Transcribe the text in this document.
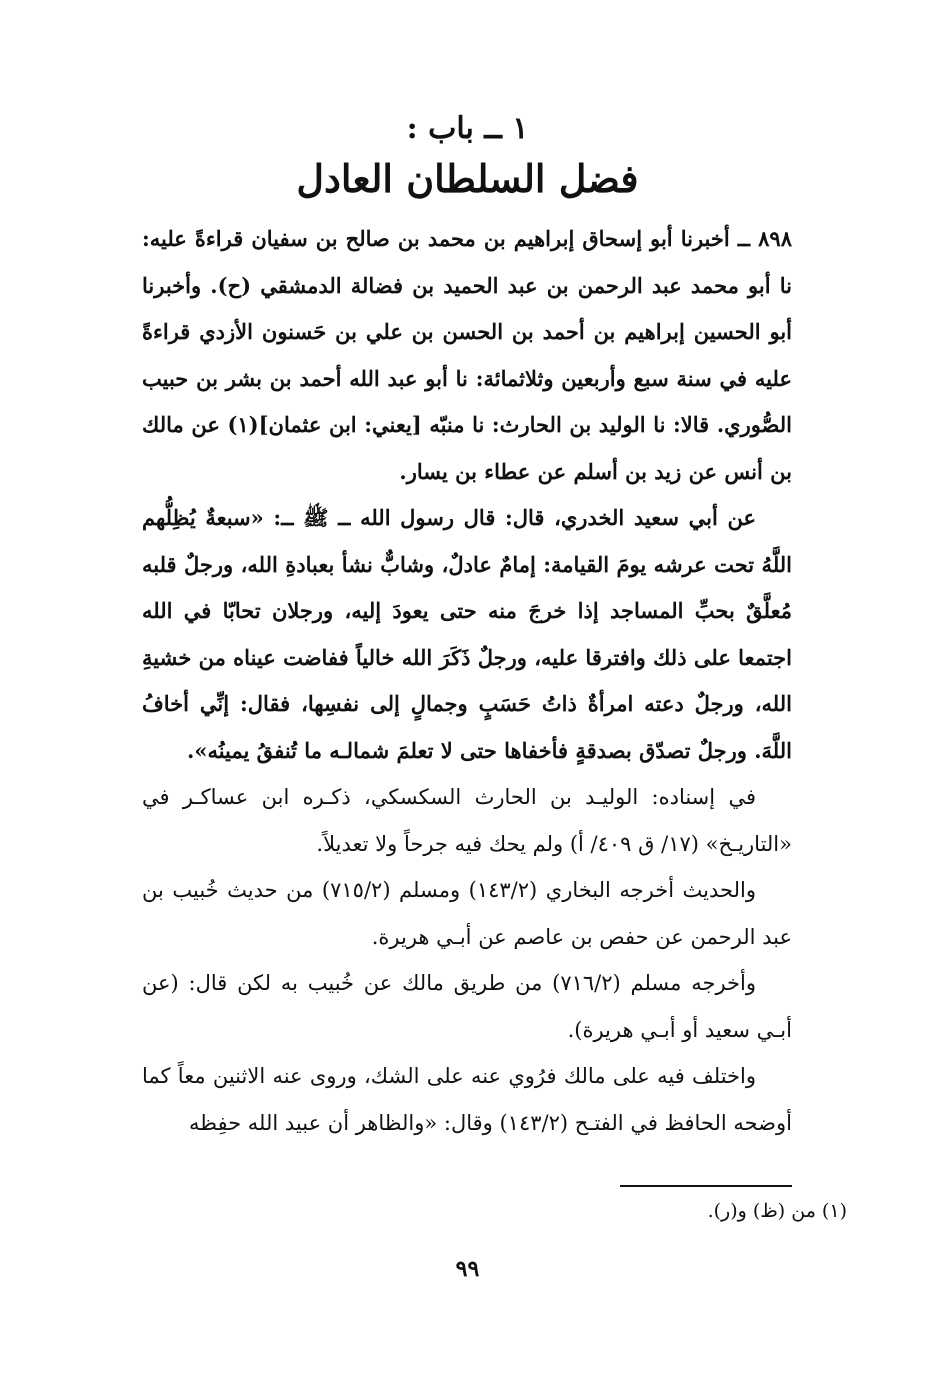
١ ــ باب :
فضل السلطان العادل

٨٩٨ ــ أخبرنا أبو إسحاق إبراهيم بن محمد بن صالح بن سفيان قراءةً عليه: نا أبو محمد عبد الرحمن بن عبد الحميد بن فضالة الدمشقي (ح). وأخبرنا أبو الحسين إبراهيم بن أحمد بن الحسن بن علي بن حَسنون الأزدي قراءةً عليه في سنة سبع وأربعين وثلاثمائة: نا أبو عبد الله أحمد بن بشر بن حبيب الصُّوري. قالا: نا الوليد بن الحارث: نا منبّه [يعني: ابن عثمان](١) عن مالك بن أنس عن زيد بن أسلم عن عطاء بن يسار.

عن أبي سعيد الخدري، قال: قال رسول الله ــ ﷺ ــ: «سبعةٌ يُظِلُّهم اللَّهُ تحت عرشه يومَ القيامة: إمامٌ عادلٌ، وشابٌّ نشأ بعبادةِ الله، ورجلٌ قلبه مُعلَّقٌ بحبِّ المساجد إذا خرجَ منه حتى يعودَ إليه، ورجلان تحابّا في الله اجتمعا على ذلك وافترقا عليه، ورجلٌ ذَكَرَ الله خالياً ففاضت عيناه من خشيةِ الله، ورجلٌ دعته امرأةٌ ذاتُ حَسَبٍ وجمالٍ إلى نفسِها، فقال: إنِّي أخافُ اللَّهَ. ورجلٌ تصدّق بصدقةٍ فأخفاها حتى لا تعلمَ شمالـه ما تُنفقُ يمينُه».

في إسناده: الوليـد بن الحارث السكسكي، ذكـره ابن عساكـر في «التاريـخ» (١٧/ ق ٤٠٩/ أ) ولم يحك فيه جرحاً ولا تعديلاً.

والحديث أخرجه البخاري (١٤٣/٢) ومسلم (٧١٥/٢) من حديث خُبيب بن عبد الرحمن عن حفص بن عاصم عن أبـي هريرة.

وأخرجه مسلم (٧١٦/٢) من طريق مالك عن خُبيب به لكن قال: (عن أبـي سعيد أو أبـي هريرة).

واختلف فيه على مالك فرُوي عنه على الشك، وروى عنه الاثنين معاً كما أوضحه الحافظ في الفتـح (١٤٣/٢) وقال: «والظاهر أن عبيد الله حفِظه

(١) من (ظ) و(ر).
٩٩
